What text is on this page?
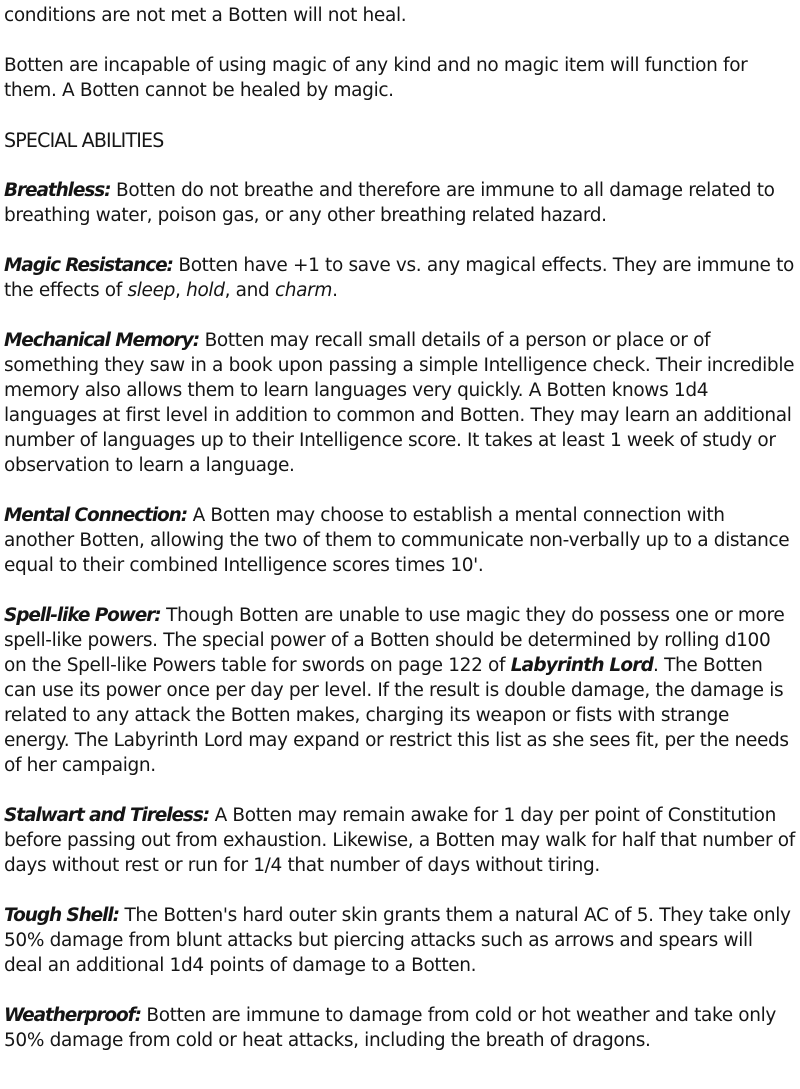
conditions are not met a Botten will not heal.

Botten are incapable of using magic of any kind and no magic item will function for them. A Botten cannot be healed by magic.

SPECIAL ABILITIES

Breathless: Botten do not breathe and therefore are immune to all damage related to breathing water, poison gas, or any other breathing related hazard.

Magic Resistance: Botten have +1 to save vs. any magical effects. They are immune to the effects of sleep, hold, and charm.

Mechanical Memory: Botten may recall small details of a person or place or of something they saw in a book upon passing a simple Intelligence check. Their incredible memory also allows them to learn languages very quickly. A Botten knows 1d4 languages at first level in addition to common and Botten. They may learn an additional number of languages up to their Intelligence score. It takes at least 1 week of study or observation to learn a language.

Mental Connection: A Botten may choose to establish a mental connection with another Botten, allowing the two of them to communicate non-verbally up to a distance equal to their combined Intelligence scores times 10'.

Spell-like Power: Though Botten are unable to use magic they do possess one or more spell-like powers. The special power of a Botten should be determined by rolling d100 on the Spell-like Powers table for swords on page 122 of Labyrinth Lord. The Botten can use its power once per day per level. If the result is double damage, the damage is related to any attack the Botten makes, charging its weapon or fists with strange energy. The Labyrinth Lord may expand or restrict this list as she sees fit, per the needs of her campaign.

Stalwart and Tireless: A Botten may remain awake for 1 day per point of Constitution before passing out from exhaustion. Likewise, a Botten may walk for half that number of days without rest or run for 1/4 that number of days without tiring.

Tough Shell: The Botten's hard outer skin grants them a natural AC of 5. They take only 50% damage from blunt attacks but piercing attacks such as arrows and spears will deal an additional 1d4 points of damage to a Botten.

Weatherproof: Botten are immune to damage from cold or hot weather and take only 50% damage from cold or heat attacks, including the breath of dragons.
